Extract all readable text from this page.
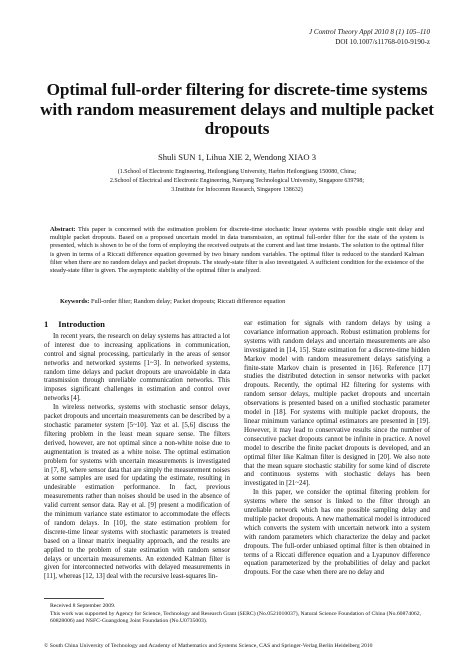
J Control Theory Appl 2010 8 (1) 105–110
DOI 10.1007/s11768-010-9190-z
Optimal full-order filtering for discrete-time systems with random measurement delays and multiple packet dropouts
Shuli SUN 1, Lihua XIE 2, Wendong XIAO 3
(1.School of Electronic Engineering, Heilongjiang University, Harbin Heilongjiang 150080, China;
2.School of Electrical and Electronic Engineering, Nanyang Technological University, Singapore 639798;
3.Institute for Infocomm Research, Singapore 138632)
Abstract: This paper is concerned with the estimation problem for discrete-time stochastic linear systems with possible single unit delay and multiple packet dropouts. Based on a proposed uncertain model in data transmission, an optimal full-order filter for the state of the system is presented, which is shown to be of the form of employing the received outputs at the current and last time instants. The solution to the optimal filter is given in terms of a Riccati difference equation governed by two binary random variables. The optimal filter is reduced to the standard Kalman filter when there are no random delays and packet dropouts. The steady-state filter is also investigated. A sufficient condition for the existence of the steady-state filter is given. The asymptotic stability of the optimal filter is analyzed.
Keywords: Full-order filter; Random delay; Packet dropouts; Riccati difference equation
1 Introduction

In recent years, the research on delay systems has attracted a lot of interest due to increasing applications in communication, control and signal processing, particularly in the areas of sensor networks and networked systems [1~3]. In networked systems, random time delays and packet dropouts are unavoidable in data transmission through unreliable communication networks. This imposes significant challenges in estimation and control over networks [4].

In wireless networks, systems with stochastic sensor delays, packet dropouts and uncertain measurements can be described by a stochastic parameter system [5~10]. Yaz et al. [5,6] discuss the filtering problem in the least mean square sense. The filters derived, however, are not optimal since a non-white noise due to augmentation is treated as a white noise. The optimal estimation problem for systems with uncertain measurements is investigated in [7, 8], where sensor data that are simply the measurement noises at some samples are used for updating the estimate, resulting in undesirable estimation performance. In fact, previous measurements rather than noises should be used in the absence of valid current sensor data. Ray et al. [9] present a modification of the minimum variance state estimator to accommodate the effects of random delays. In [10], the state estimation problem for discrete-time linear systems with stochastic parameters is treated based on a linear matrix inequality approach, and the results are applied to the problem of state estimation with random sensor delays or uncertain measurements. An extended Kalman filter is given for interconnected networks with delayed measurements in [11], whereas [12, 13] deal with the recursive least-squares lin-

ear estimation for signals with random delays by using a covariance information approach. Robust estimation problems for systems with random delays and uncertain measurements are also investigated in [14, 15]. State estimation for a discrete-time hidden Markov model with random measurement delays satisfying a finite-state Markov chain is presented in [16]. Reference [17] studies the distributed detection in sensor networks with packet dropouts. Recently, the optimal H2 filtering for systems with random sensor delays, multiple packet dropouts and uncertain observations is presented based on a unified stochastic parameter model in [18]. For systems with multiple packet dropouts, the linear minimum variance optimal estimators are presented in [19]. However, it may lead to conservative results since the number of consecutive packet dropouts cannot be infinite in practice. A novel model to describe the finite packet dropouts is developed, and an optimal filter like Kalman filter is designed in [20]. We also note that the mean square stochastic stability for some kind of discrete and continuous systems with stochastic delays has been investigated in [21~24].

In this paper, we consider the optimal filtering problem for systems where the sensor is linked to the filter through an unreliable network which has one possible sampling delay and multiple packet dropouts. A new mathematical model is introduced which converts the system with uncertain network into a system with random parameters which characterize the delay and packet dropouts. The full-order unbiased optimal filter is then obtained in terms of a Riccati difference equation and a Lyapunov difference equation parameterized by the probabilities of delay and packet dropouts. For the case when there are no delay and

Received 8 September 2009.
This work was supported by Agency for Science, Technology and Research Grant (SERC) (No.0521010037), Natural Science Foundation of China (No.60874062, 60828006) and NSFC-Guangdong Joint Foundation (No.U0735003).
© South China University of Technology and Academy of Mathematics and Systems Science, CAS and Springer-Verlag Berlin Heidelberg 2010
